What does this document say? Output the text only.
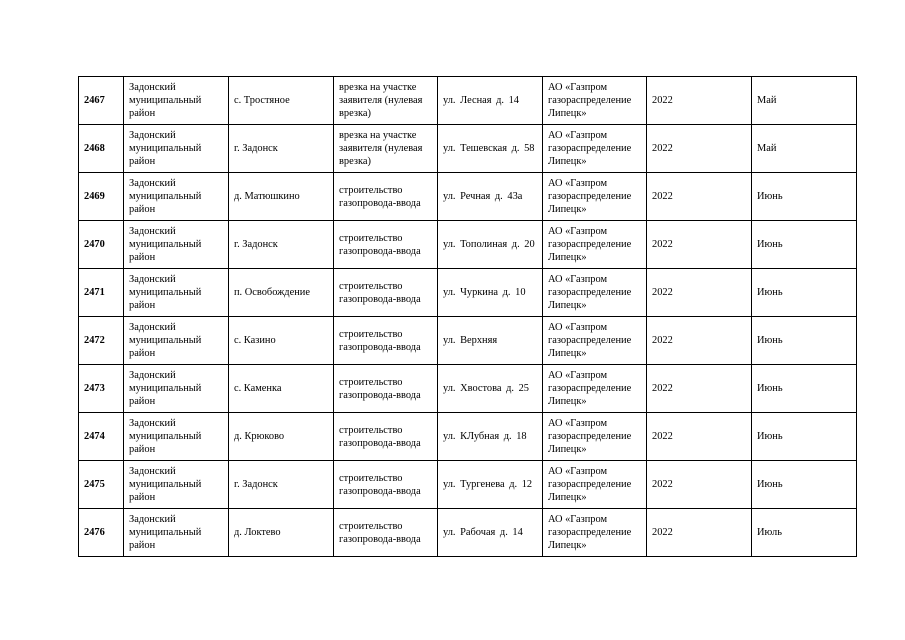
2467	Задонский муниципальный район	с. Тростяное	врезка на участке заявителя (нулевая врезка)	ул. Лесная д. 14	АО «Газпром газораспределение Липецк»	2022	Май
2468	Задонский муниципальный район	г. Задонск	врезка на участке заявителя (нулевая врезка)	ул. Тешевская д. 58	АО «Газпром газораспределение Липецк»	2022	Май
2469	Задонский муниципальный район	д. Матюшкино	строительство газопровода-ввода	ул. Речная д. 43а	АО «Газпром газораспределение Липецк»	2022	Июнь
2470	Задонский муниципальный район	г. Задонск	строительство газопровода-ввода	ул. Тополиная д. 20	АО «Газпром газораспределение Липецк»	2022	Июнь
2471	Задонский муниципальный район	п. Освобождение	строительство газопровода-ввода	ул. Чуркина д. 10	АО «Газпром газораспределение Липецк»	2022	Июнь
2472	Задонский муниципальный район	с. Казино	строительство газопровода-ввода	ул. Верхняя	АО «Газпром газораспределение Липецк»	2022	Июнь
2473	Задонский муниципальный район	с. Каменка	строительство газопровода-ввода	ул. Хвостова д. 25	АО «Газпром газораспределение Липецк»	2022	Июнь
2474	Задонский муниципальный район	д. Крюково	строительство газопровода-ввода	ул. КЛубная д. 18	АО «Газпром газораспределение Липецк»	2022	Июнь
2475	Задонский муниципальный район	г. Задонск	строительство газопровода-ввода	ул. Тургенева д. 12	АО «Газпром газораспределение Липецк»	2022	Июнь
2476	Задонский муниципальный район	д. Локтево	строительство газопровода-ввода	ул. Рабочая д. 14	АО «Газпром газораспределение Липецк»	2022	Июль
